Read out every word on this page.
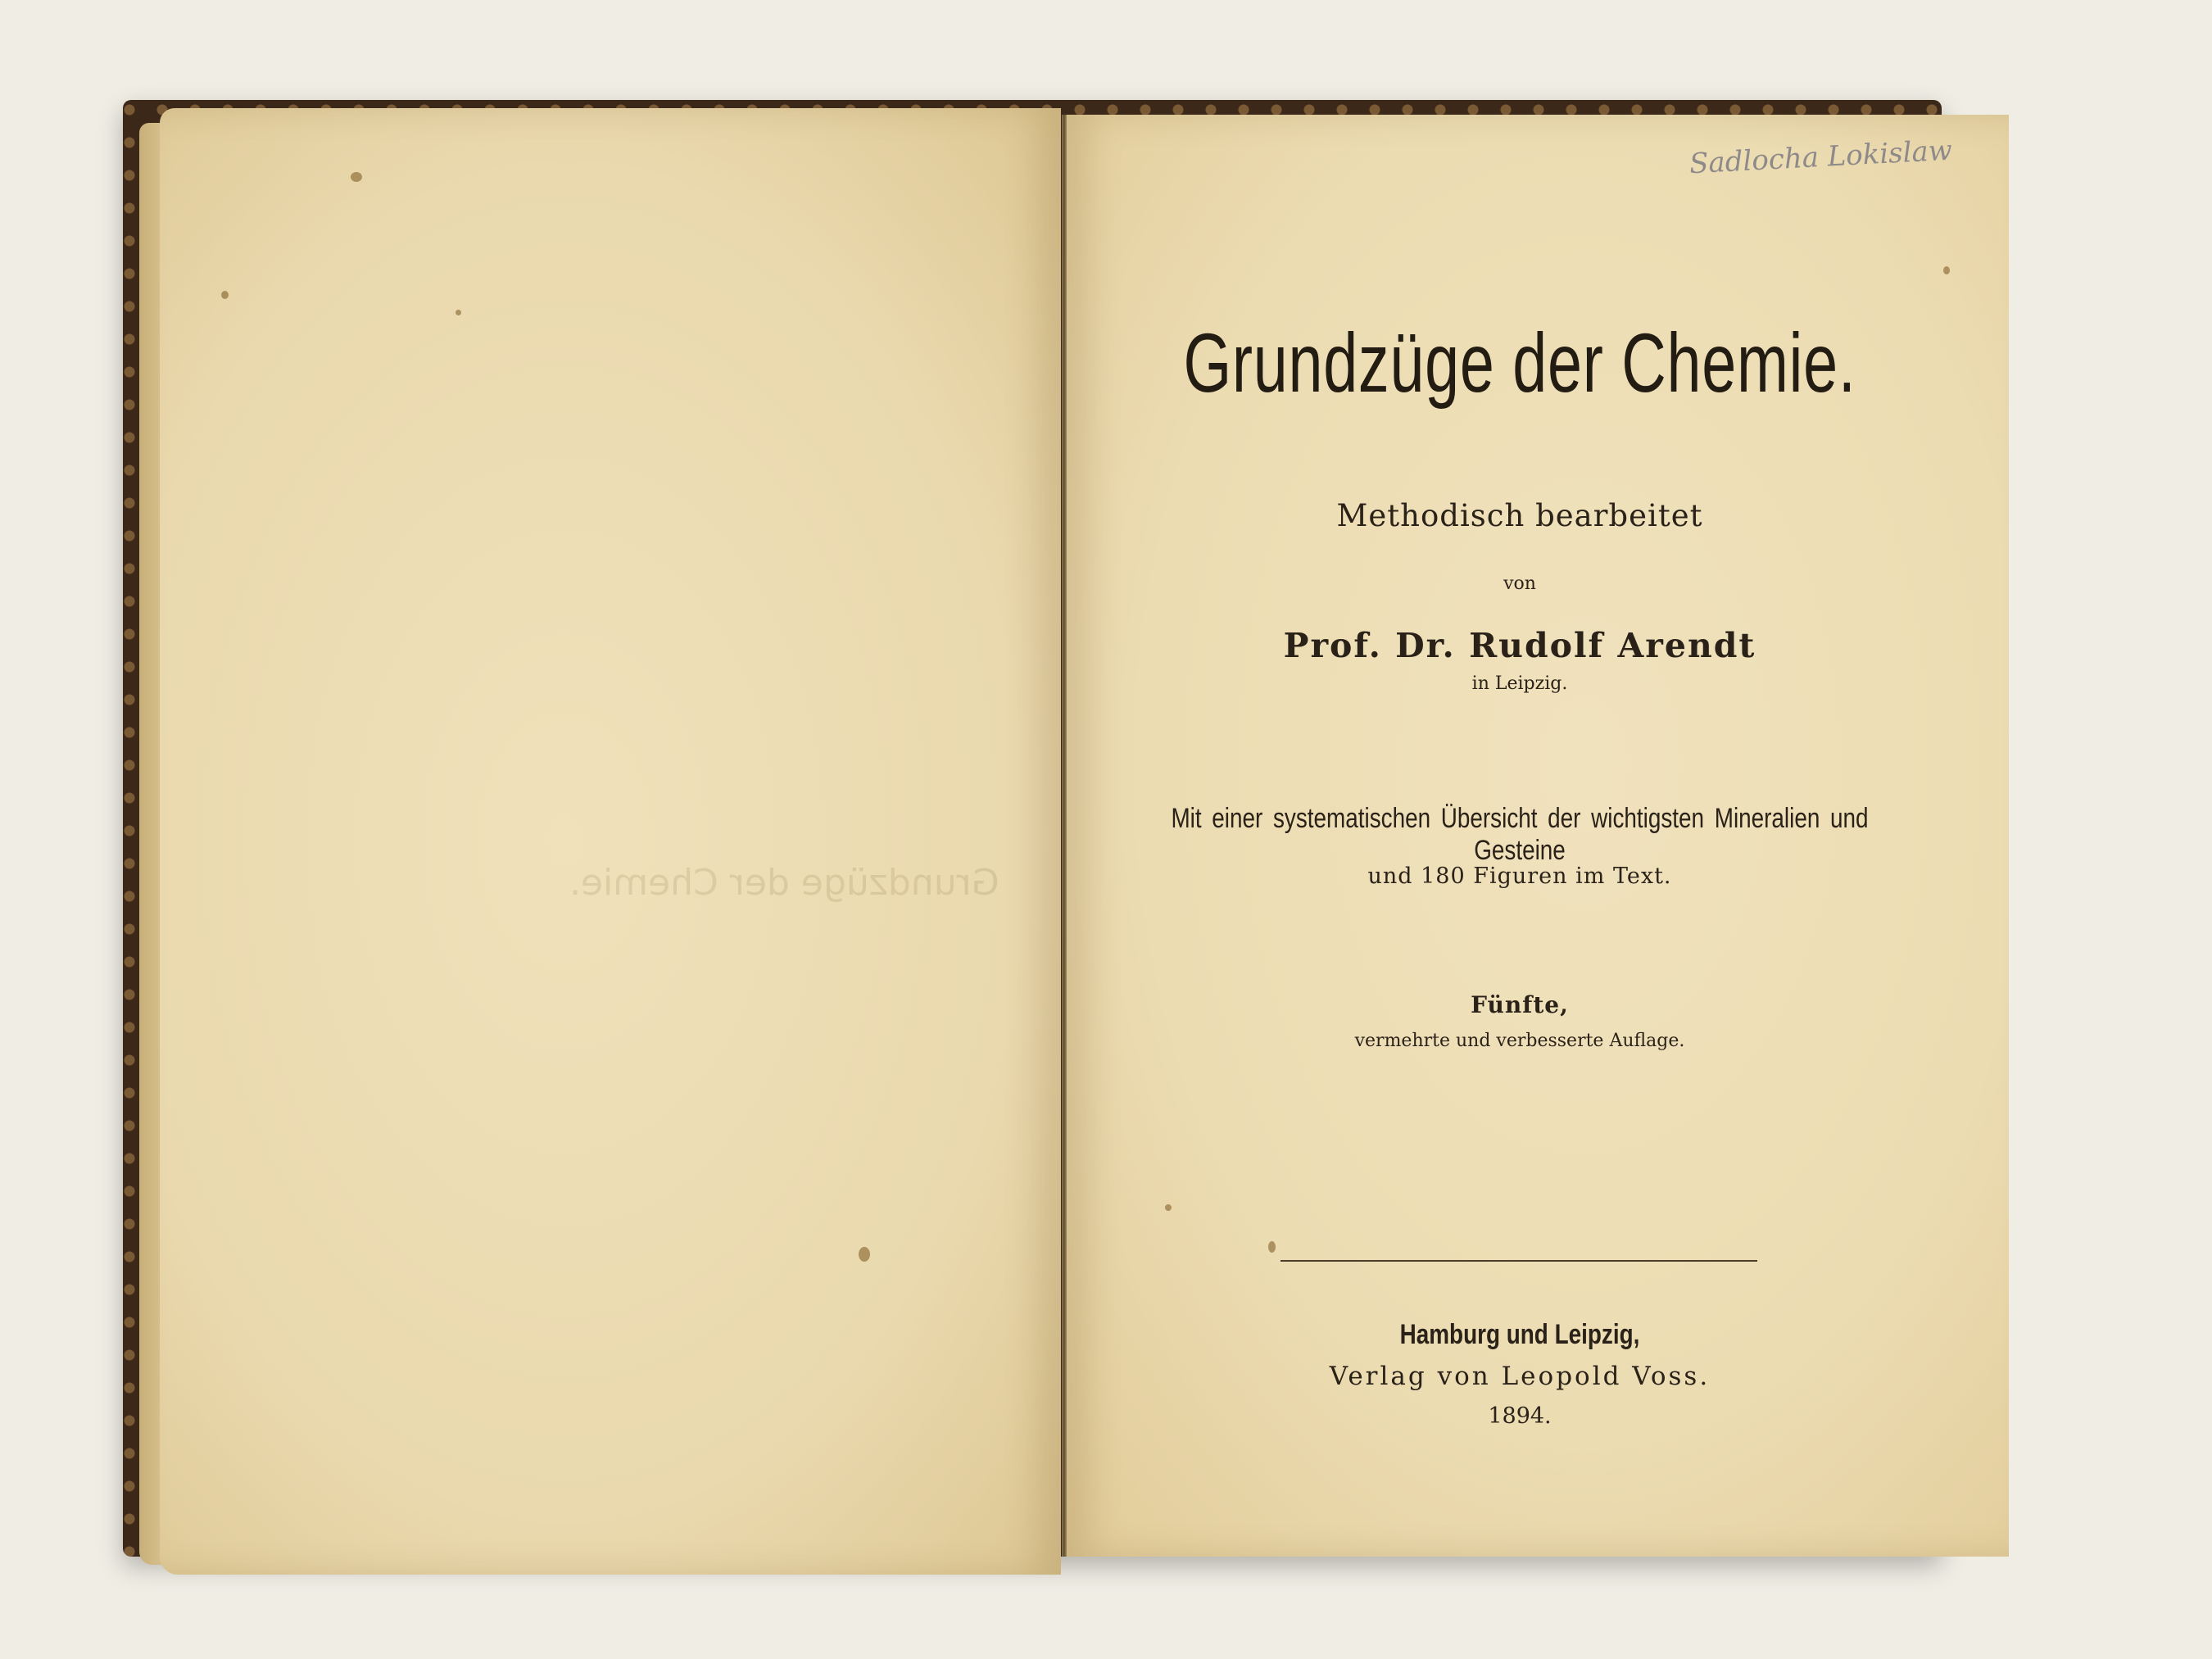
Grundzüge der Chemie.
Sadlocha Lokislaw
Grundzüge der Chemie.
Methodisch bearbeitet
von
Prof. Dr. Rudolf Arendt
in Leipzig.
Mit einer systematischen Übersicht der wichtigsten Mineralien und Gesteine
und 180 Figuren im Text.
Fünfte,
vermehrte und verbesserte Auflage.
Hamburg und Leipzig,
Verlag von Leopold Voss.
1894.
